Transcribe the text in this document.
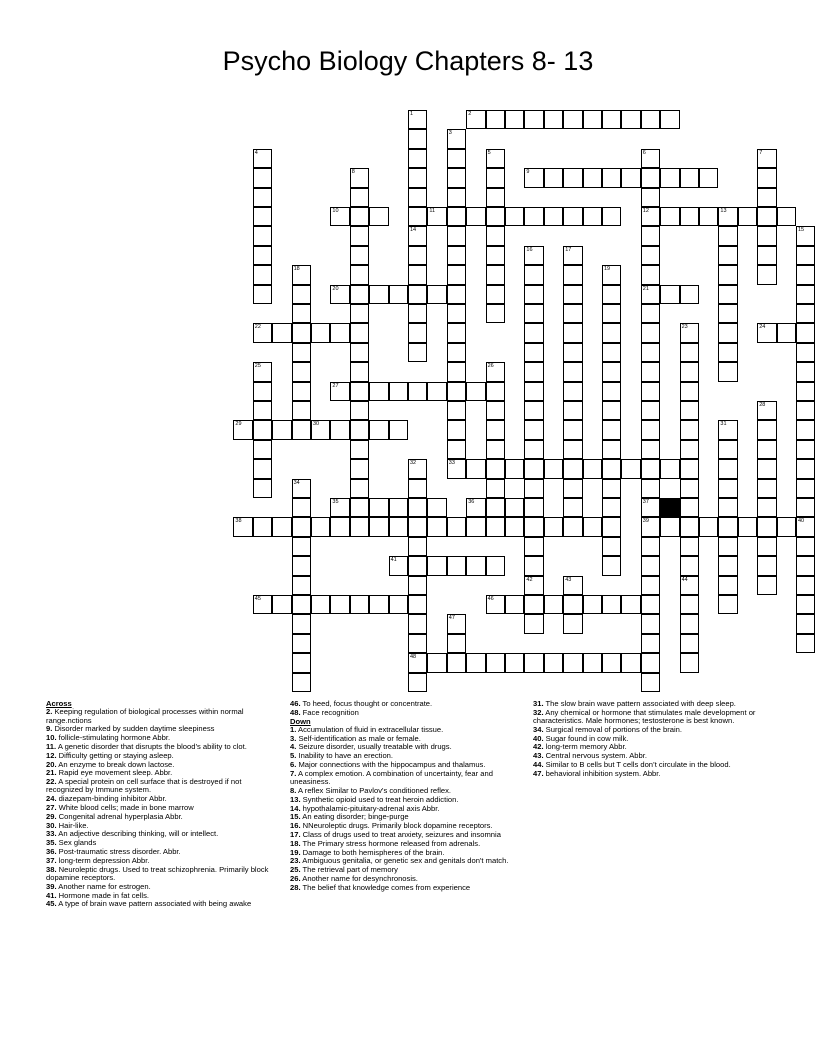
Psycho Biology Chapters 8- 13
1
14
2
3
33
4	5	6
12
21
37
39
7
8	9
10	11	13
15
16
42
17
18	19
20
22	23	24
25	26
27
28
29	30	31
32
48
34
35	36
38	40
41
43	44
45	46
47
Across

2. Keeping regulation of biological processes within normal range.nctions

9. Disorder marked by sudden daytime sleepiness

10. follicle-stimulating hormone Abbr.

11. A genetic disorder that disrupts the blood’s ability to clot.

12. Difficulty getting or staying asleep.

20. An enzyme to break down lactose.

21. Rapid eye movement sleep. Abbr.

22. A special protein on cell surface that is destroyed if not recognized by Immune system.

24. diazepam-binding inhibitor Abbr.

27. White blood cells; made in bone marrow

29. Congenital adrenal hyperplasia Abbr.

30. Hair-like.

33. An adjective describing thinking, will or intellect.

35. Sex glands

36. Post-traumatic stress disorder. Abbr.

37. long-term depression Abbr.

38. Neuroleptic drugs. Used to treat schizophrenia. Primarily block dopamine receptors.

39. Another name for estrogen.

41. Hormone made in fat cells.

45. A type of brain wave pattern associated with being awake

46. To heed, focus thought or concentrate.

48. Face recognition

Down

1. Accumulation of fluid in extracellular tissue.

3. Self-identification as male or female.

4. Seizure disorder, usually treatable with drugs.

5. Inability to have an erection.

6. Major connections with the hippocampus and thalamus.

7. A complex emotion. A combination of uncertainty, fear and uneasiness.

8. A reflex Similar to Pavlov's conditioned reflex.

13. Synthetic opioid used to treat heroin addiction.

14. hypothalamic-pituitary-adrenal axis Abbr.

15. An eating disorder; binge-purge

16. NNeuroleptic drugs. Primarily block dopamine receptors.

17. Class of drugs used to treat anxiety, seizures and insomnia

18. The Primary stress hormone released from adrenals.

19. Damage to both hemispheres of the brain.

23. Ambiguous genitalia, or genetic sex and genitals don't match.

25. The retrieval part of memory

26. Another name for desynchronosis.

28. The belief that knowledge comes from experience

31. The slow brain wave pattern associated with deep sleep.

32. Any chemical or hormone that stimulates male development or characteristics. Male hormones; testosterone is best known.

34. Surgical removal of portions of the brain.

40. Sugar found in cow milk.

42. long-term memory Abbr.

43. Central nervous system. Abbr.

44. Similar to B cells but T cells don’t circulate in the blood.

47. behavioral inhibition system. Abbr.
